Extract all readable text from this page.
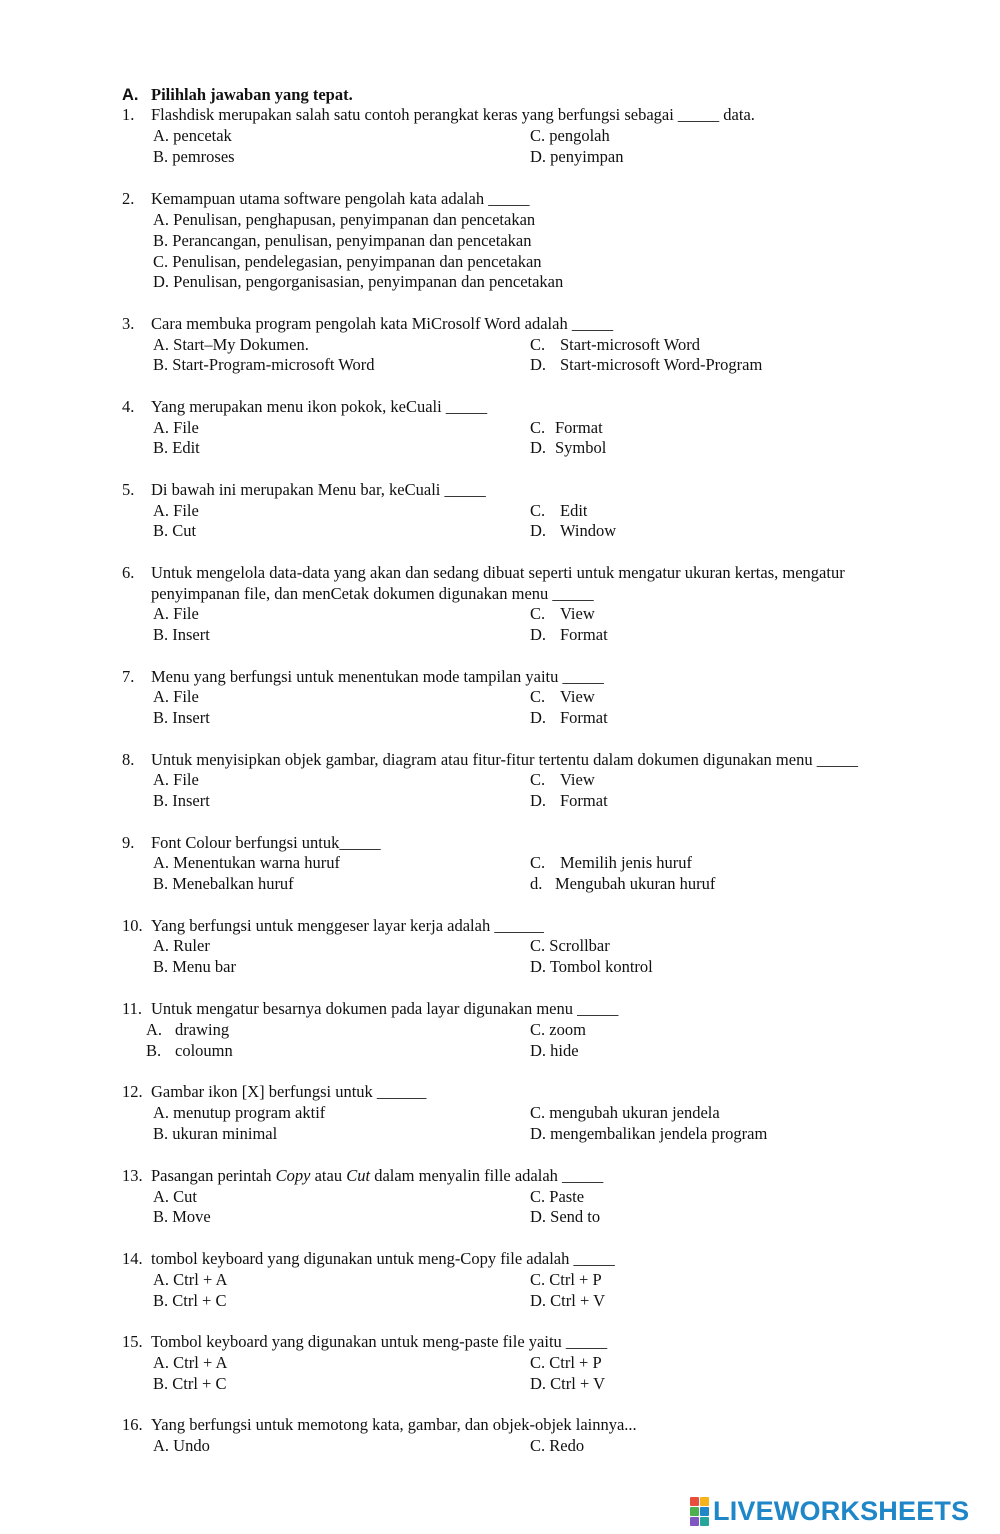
A. Pilihlah jawaban yang tepat.
1. Flashdisk merupakan salah satu contoh perangkat keras yang berfungsi sebagai _____ data.
A. pencetak	C. pengolah
B. pemroses	D. penyimpan
2. Kemampuan utama software pengolah kata adalah _____
A. Penulisan, penghapusan, penyimpanan dan pencetakan
B. Perancangan, penulisan, penyimpanan dan pencetakan
C. Penulisan, pendelegasian, penyimpanan dan pencetakan
D. Penulisan, pengorganisasian, penyimpanan dan pencetakan
3. Cara membuka program pengolah kata MiCrosolf Word adalah _____
A. Start–My Dokumen.	C. Start-microsoft Word
B. Start-Program-microsoft Word	D. Start-microsoft Word-Program
4. Yang merupakan menu ikon pokok, keCuali _____
A. File	C. Format
B. Edit	D. Symbol
5. Di bawah ini merupakan Menu bar, keCuali _____
A. File	C. Edit
B. Cut	D. Window
6. Untuk mengelola data-data yang akan dan sedang dibuat seperti untuk mengatur ukuran kertas, mengatur
penyimpanan file, dan menCetak dokumen digunakan menu _____
A. File	C. View
B. Insert	D. Format
7. Menu yang berfungsi untuk menentukan mode tampilan yaitu _____
A. File	C. View
B. Insert	D. Format
8. Untuk menyisipkan objek gambar, diagram atau fitur-fitur tertentu dalam dokumen digunakan menu _____
A. File	C. View
B. Insert	D. Format
9. Font Colour berfungsi untuk_____
A. Menentukan warna huruf	C. Memilih jenis huruf
B. Menebalkan huruf	d. Mengubah ukuran huruf
10. Yang berfungsi untuk menggeser layar kerja adalah ______
A. Ruler	C. Scrollbar
B. Menu bar	D. Tombol kontrol
11. Untuk mengatur besarnya dokumen pada layar digunakan menu _____
A. drawing	C. zoom
B. coloumn	D. hide
12. Gambar ikon [X] berfungsi untuk ______
A. menutup program aktif	C. mengubah ukuran jendela
B. ukuran minimal	D. mengembalikan jendela program
13. Pasangan perintah Copy atau Cut dalam menyalin fille adalah _____
A. Cut	C. Paste
B. Move	D. Send to
14. tombol keyboard yang digunakan untuk meng-Copy file adalah _____
A. Ctrl + A	C. Ctrl + P
B. Ctrl + C	D. Ctrl + V
15. Tombol keyboard yang digunakan untuk meng-paste file yaitu _____
A. Ctrl + A	C. Ctrl + P
B. Ctrl + C	D. Ctrl + V
16. Yang berfungsi untuk memotong kata, gambar, dan objek-objek lainnya...
A. Undo	C. Redo
LIVEWORKSHEETS
